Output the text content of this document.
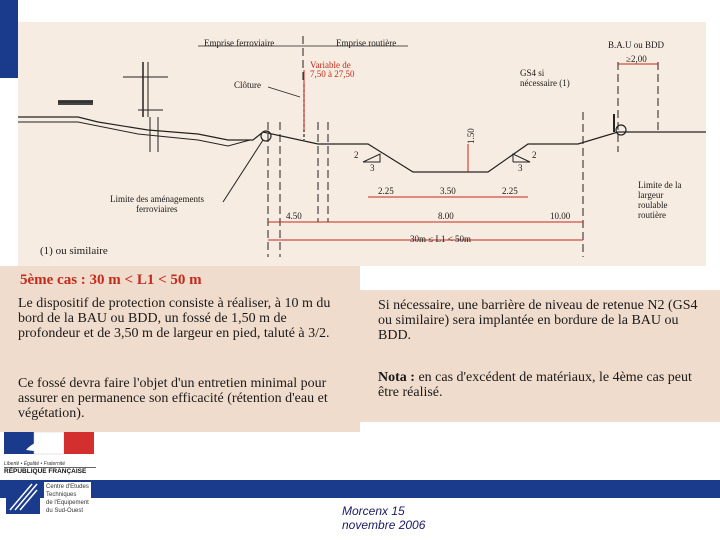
Emprise ferroviaire	Emprise routière
Variable de
7,50 à 27,50
Clôture
B.A.U ou BDD
≥2,00
GS4 si
nécessaire (1)
Limite des aménagements
ferroviaires
Limite de la
largeur
roulable
routière
(1) ou similaire
1.50
2.25	3.50	2.25
4.50	8.00	10.00
30m ≤ L1 < 50m
2
3
2
3
5ème cas : 30 m < L1 < 50 m
Le dispositif de protection consiste à réaliser, à 10 m du bord de la BAU ou BDD, un fossé de 1,50 m de profondeur et de 3,50 m de largeur en pied, taluté à 3/2.
Ce fossé devra faire l'objet d'un entretien minimal pour assurer en permanence son efficacité (rétention d'eau et végétation).
Si nécessaire, une barrière de niveau de retenue N2 (GS4 ou similaire) sera implantée en bordure de la BAU ou BDD.
Nota : en cas d'excédent de matériaux, le 4ème cas peut être réalisé.
Liberté • Égalité • Fraternité
RÉPUBLIQUE FRANÇAISE
Centre d'Etudes
Techniques
de l'Equipement
du Sud-Ouest	Morcenx 15
novembre 2006
